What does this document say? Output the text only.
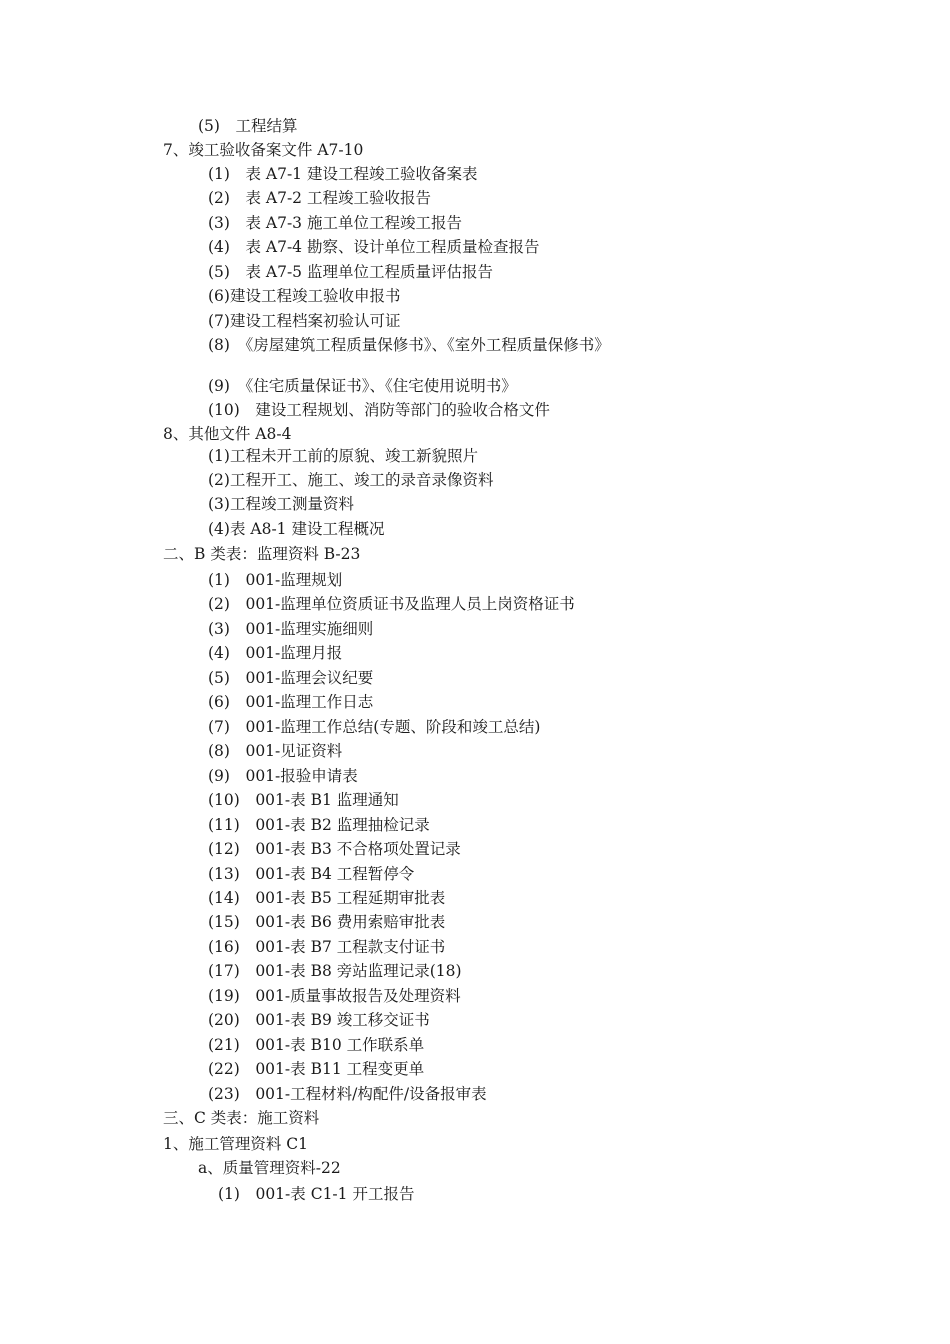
(5)　工程结算
7、竣工验收备案文件 A7-10
(1)　表 A7-1 建设工程竣工验收备案表
(2)　表 A7-2 工程竣工验收报告
(3)　表 A7-3 施工单位工程竣工报告
(4)　表 A7-4 勘察、设计单位工程质量检查报告
(5)　表 A7-5 监理单位工程质量评估报告
(6)建设工程竣工验收申报书
(7)建设工程档案初验认可证
(8)　《房屋建筑工程质量保修书》、《室外工程质量保修书》
(9)　《住宅质量保证书》、《住宅使用说明书》
(10)　建设工程规划、消防等部门的验收合格文件
8、其他文件 A8-4
(1)工程未开工前的原貌、竣工新貌照片
(2)工程开工、施工、竣工的录音录像资料
(3)工程竣工测量资料
(4)表 A8-1 建设工程概况
二、B 类表：监理资料 B-23
(1)　001-监理规划
(2)　001-监理单位资质证书及监理人员上岗资格证书
(3)　001-监理实施细则
(4)　001-监理月报
(5)　001-监理会议纪要
(6)　001-监理工作日志
(7)　001-监理工作总结(专题、阶段和竣工总结)
(8)　001-见证资料
(9)　001-报验申请表
(10)　001-表 B1 监理通知
(11)　001-表 B2 监理抽检记录
(12)　001-表 B3 不合格项处置记录
(13)　001-表 B4 工程暂停令
(14)　001-表 B5 工程延期审批表
(15)　001-表 B6 费用索赔审批表
(16)　001-表 B7 工程款支付证书
(17)　001-表 B8 旁站监理记录(18)
(19)　001-质量事故报告及处理资料
(20)　001-表 B9 竣工移交证书
(21)　001-表 B10 工作联系单
(22)　001-表 B11 工程变更单
(23)　001-工程材料/构配件/设备报审表
三、C 类表：施工资料
1、施工管理资料 C1
a、质量管理资料-22
(1)　001-表 C1-1 开工报告
